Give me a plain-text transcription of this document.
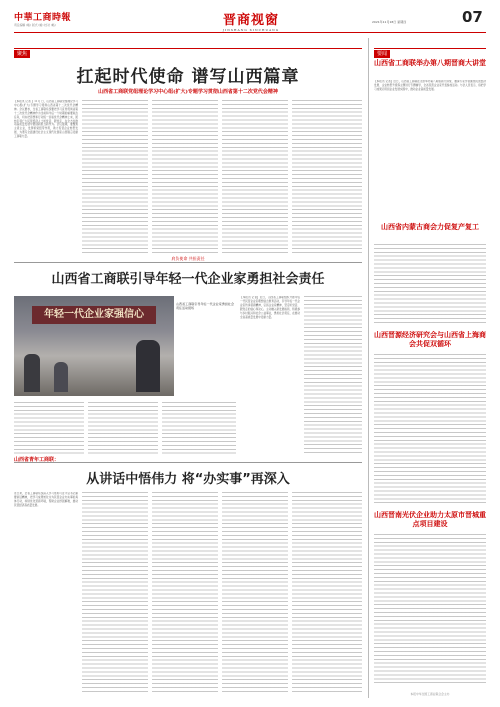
中華工商時報
责任编辑 (略) 版式 (略) 校对 (略)	晋商视窗
JINSHANG XINCHUANG
2021年11月18日 星期四	07
聚焦
扛起时代使命 谱写山西篇章
山西省工商联党组理论学习中心组(扩大)专题学习贯彻山西省第十二次党代会精神
【本报讯 记者 】11月 日，山西省工商联党组理论学习中心组(扩大)专题学习贯彻山西省第十二次党代会精神。会议要求，全省工商联系统要把学习宣传贯彻省第十二次党代会精神作为当前和今后一个时期的重要政治任务，切实把思想和行动统一到省党代会精神上来，团结引领广大民营经济人士听党话、跟党走，在全方位推动高质量发展中展现新担当新作为。会议强调，要聚焦主责主业，发挥桥梁纽带作用，助力民营企业转型发展，为谱写全面建设社会主义现代化国家山西篇章贡献工商联力量。
肩负使命 共担责任
山西省工商联引导年轻一代企业家勇担社会责任
年轻一代企业家强信心
山西省工商联引导年轻一代企业家勇担社会责任活动现场
【本报讯 记者】近日，山西省工商联组织开展年轻一代民营企业家理想信念教育活动，引导年轻一代企业家传承晋商精神，弘扬企业家精神，坚定听党话、跟党走的信心和决心，主动融入新发展格局，积极参与乡村振兴和社会公益事业，勇担社会责任，在推动全省高质量发展中贡献力量。
山西省青年工商联：
从讲话中悟伟力 将“办实事”再深入
连日来，全省工商联系统深入学习贯彻习近平总书记重要讲话精神，把学习成果转化为为民营企业办实事的具体行动，持续优化营商环境，帮助企业纾困解难，推动民营经济高质量发展。
要闻
山西省工商联举办第八期晋商大讲堂
【本报讯 记者】近日，山西省工商联在太原举办第八期晋商大讲堂，邀请专家学者围绕民营经济发展、企业转型升级等主题进行专题辅导，全省民营企业家代表参加活动。与会人员表示，将把学习成果运用到企业发展实践中，推动企业高质量发展。
山西省内蒙古商会力促复产复工
山西晋源经济研究会与山西省上海商会共促双循环
山西晋南光伏企业助力太原市晋城重点项目建设
本报中华全国工商业联合会主办
